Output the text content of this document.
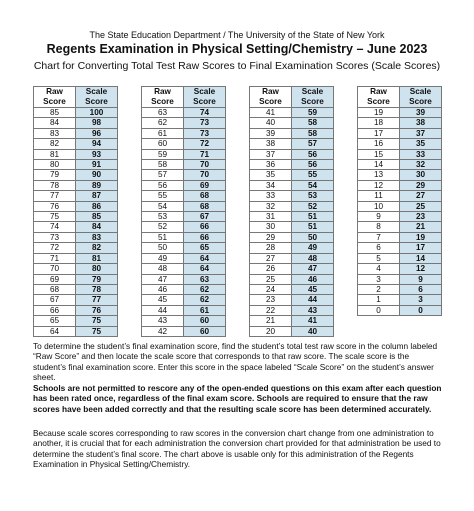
The State Education Department / The University of the State of New York
Regents Examination in Physical Setting/Chemistry – June 2023
Chart for Converting Total Test Raw Scores to Final Examination Scores (Scale Scores)
Raw
Score	Scale
Score
85	100
84	98
83	96
82	94
81	93
80	91
79	90
78	89
77	87
76	86
75	85
74	84
73	83
72	82
71	81
70	80
69	79
68	78
67	77
66	76
65	75
64	75
Raw
Score	Scale
Score
63	74
62	73
61	73
60	72
59	71
58	70
57	70
56	69
55	68
54	68
53	67
52	66
51	66
50	65
49	64
48	64
47	63
46	62
45	62
44	61
43	60
42	60
Raw
Score	Scale
Score
41	59
40	58
39	58
38	57
37	56
36	56
35	55
34	54
33	53
32	52
31	51
30	51
29	50
28	49
27	48
26	47
25	46
24	45
23	44
22	43
21	41
20	40
Raw
Score	Scale
Score
19	39
18	38
17	37
16	35
15	33
14	32
13	30
12	29
11	27
10	25
9	23
8	21
7	19
6	17
5	14
4	12
3	9
2	6
1	3
0	0
To determine the student’s final examination score, find the student’s total test raw score in the column labeled “Raw Score” and then locate the scale score that corresponds to that raw score. The scale score is the student’s final examination score. Enter this score in the space labeled “Scale Score” on the student’s answer sheet.
Schools are not permitted to rescore any of the open-ended questions on this exam after each question has been rated once, regardless of the final exam score. Schools are required to ensure that the raw scores have been added correctly and that the resulting scale score has been determined accurately.
Because scale scores corresponding to raw scores in the conversion chart change from one administration to another, it is crucial that for each administration the conversion chart provided for that administration be used to determine the student’s final score. The chart above is usable only for this administration of the Regents Examination in Physical Setting/Chemistry.
